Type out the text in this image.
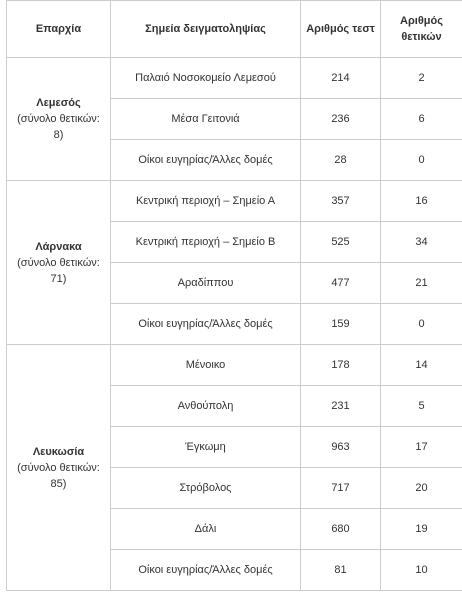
Επαρχία	Σημεία δειγματοληψίας	Αριθμός τεστ	Αριθμός θετικών

Λεμεσός
(σύνολο θετικών: 8)	Παλαιό Νοσοκομείο Λεμεσού	214	2
	Μέσα Γειτονιά	236	6
	Οίκοι ευγηρίας/Άλλες δομές	28	0

Λάρνακα
(σύνολο θετικών: 71)	Κεντρική περιοχή – Σημείο Α	357	16
	Κεντρική περιοχή – Σημείο Β	525	34
	Αραδίππου	477	21
	Οίκοι ευγηρίας/Άλλες δομές	159	0

Λευκωσία
(σύνολο θετικών: 85)	Μένοικο	178	14
	Ανθούπολη	231	5
	Έγκωμη	963	17
	Στρόβολος	717	20
	Δάλι	680	19
	Οίκοι ευγηρίας/Άλλες δομές	81	10
